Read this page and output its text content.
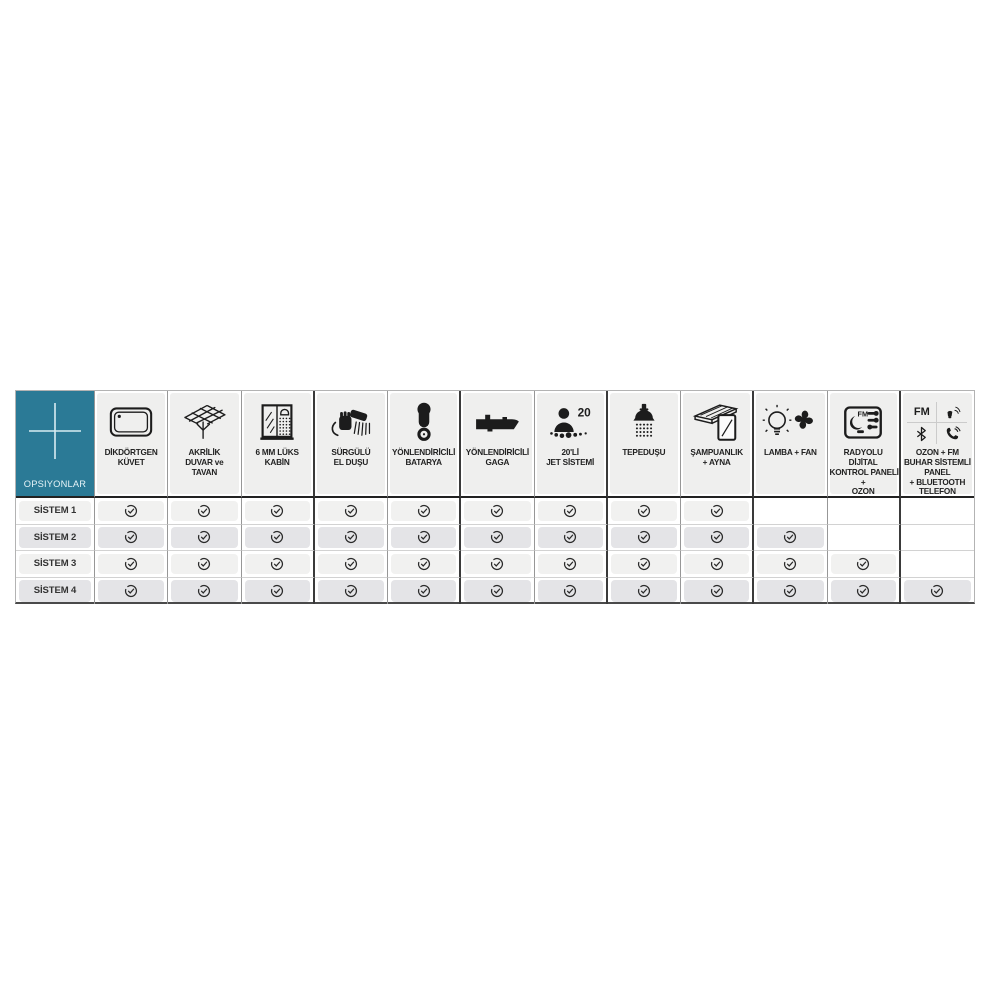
OPSIYONLAR
DİKDÖRTGEN
KÜVET
AKRİLİK
DUVAR ve
TAVAN
6 MM LÜKS
KABİN
SÜRGÜLÜ
EL DUŞU
YÖNLENDİRİCİLİ
BATARYA
YÖNLENDİRİCİLİ
GAGA
20
20'Lİ
JET SİSTEMİ
TEPEDUŞU	ŞAMPUANLIK
+ AYNA
LAMBA + FAN
FM
RADYOLU
DİJİTAL
KONTROL PANELİ
+
OZON
FM
OZON + FM
BUHAR SİSTEMLİ
PANEL
+ BLUETOOTH
TELEFON
SİSTEM 1
SİSTEM 2
SİSTEM 3
SİSTEM 4
